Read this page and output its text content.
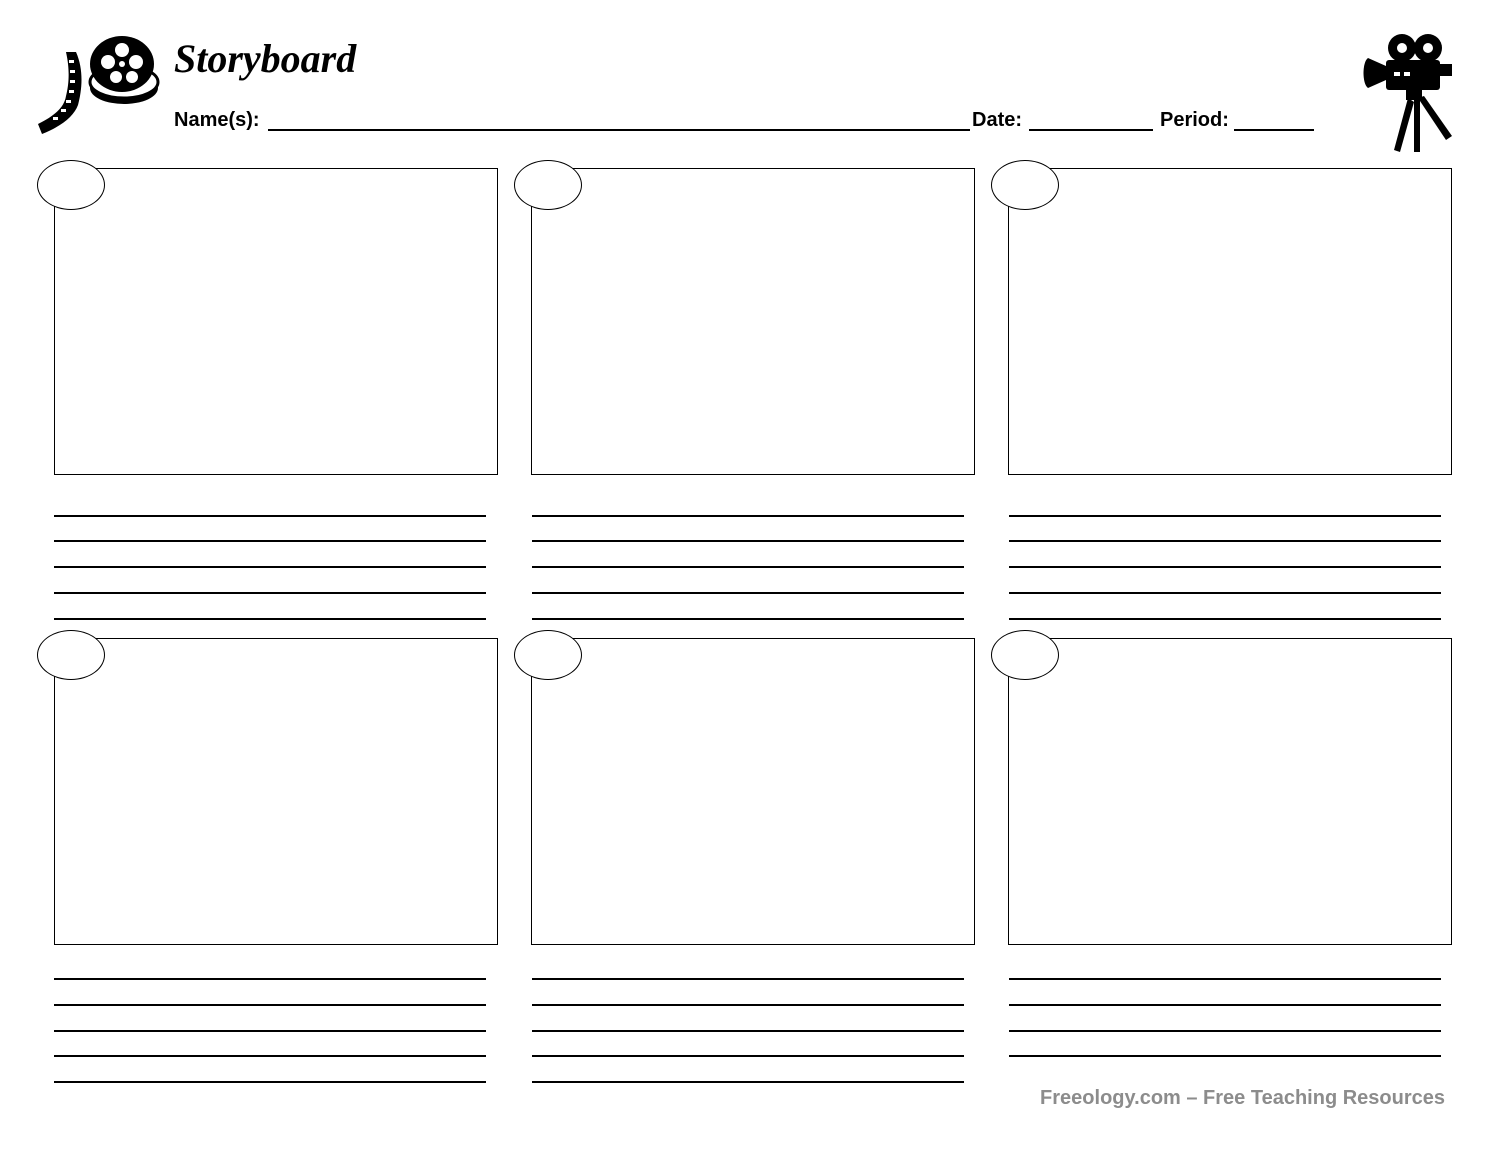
Storyboard
Name(s):	Date:	Period:
Freeology.com – Free Teaching Resources
